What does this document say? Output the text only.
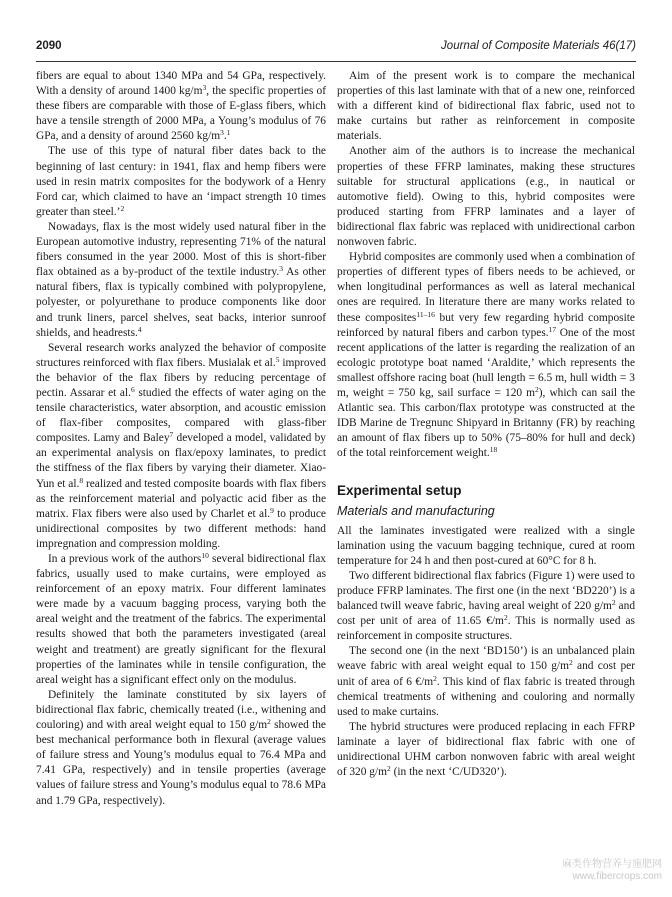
2090	Journal of Composite Materials 46(17)

fibers are equal to about 1340 MPa and 54 GPa, respectively. With a density of around 1400 $kg/m^3$, the specific properties of these fibers are comparable with those of E-glass fibers, which have a tensile strength of 2000 MPa, a Young’s modulus of 76 GPa, and a density of around 2560 $kg/m^3.^1$

The use of this type of natural fiber dates back to the beginning of last century: in 1941, flax and hemp fibers were used in resin matrix composites for the bodywork of a Henry Ford car, which claimed to have an ‘impact strength 10 times greater than steel.’$^2$

Nowadays, flax is the most widely used natural fiber in the European automotive industry, representing 71% of the natural fibers consumed in the year 2000. Most of this is short-fiber flax obtained as a by-product of the textile industry.$^3$ As other natural fibers, flax is typically combined with polypropylene, polyester, or polyurethane to produce components like door and trunk liners, parcel shelves, seat backs, interior sunroof shields, and headrests.$^4$

Several research works analyzed the behavior of composite structures reinforced with flax fibers. Musialak et al.$^5$ improved the behavior of the flax fibers by reducing percentage of pectin. Assarar et al.$^6$ studied the effects of water aging on the tensile characteristics, water absorption, and acoustic emission of flax-fiber composites, compared with glass-fiber composites. Lamy and Baley$^7$ developed a model, validated by an experimental analysis on flax/epoxy laminates, to predict the stiffness of the flax fibers by varying their diameter. Xiao-Yun et al.$^8$ realized and tested composite boards with flax fibers as the reinforcement material and polyactic acid fiber as the matrix. Flax fibers were also used by Charlet et al.$^9$ to produce unidirectional composites by two different methods: hand impregnation and compression molding.

In a previous work of the authors$^{10}$ several bidirectional flax fabrics, usually used to make curtains, were employed as reinforcement of an epoxy matrix. Four different laminates were made by a vacuum bagging process, varying both the areal weight and the treatment of the fabrics. The experimental results showed that both the parameters investigated (areal weight and treatment) are greatly significant for the flexural properties of the laminates while in tensile configuration, the areal weight has a significant effect only on the modulus.

Definitely the laminate constituted by six layers of bidirectional flax fabric, chemically treated (i.e., withening and couloring) and with areal weight equal to 150 $g/m^2$ showed the best mechanical performance both in flexural (average values of failure stress and Young’s modulus equal to 76.4 MPa and 7.41 GPa, respectively) and in tensile properties (average values of failure stress and Young’s modulus equal to 78.6 MPa and 1.79 GPa, respectively).

Aim of the present work is to compare the mechanical properties of this last laminate with that of a new one, reinforced with a different kind of bidirectional flax fabric, used not to make curtains but rather as reinforcement in composite materials.

Another aim of the authors is to increase the mechanical properties of these FFRP laminates, making these structures suitable for structural applications (e.g., in nautical or automotive field). Owing to this, hybrid composites were produced starting from FFRP laminates and a layer of bidirectional flax fabric was replaced with unidirectional carbon nonwoven fabric.

Hybrid composites are commonly used when a combination of properties of different types of fibers needs to be achieved, or when longitudinal performances as well as lateral mechanical ones are required. In literature there are many works related to these composites$^{11-16}$ but very few regarding hybrid composite reinforced by natural fibers and carbon types.$^{17}$ One of the most recent applications of the latter is regarding the realization of an ecologic prototype boat named ‘Araldite,’ which represents the smallest offshore racing boat (hull length = 6.5 m, hull width = 3 m, weight = 750 kg, sail surface = 120 $m^2$), which can sail the Atlantic sea. This carbon/flax prototype was constructed at the IDB Marine de Tregnunc Shipyard in Britanny (FR) by reaching an amount of flax fibers up to 50% (75–80% for hull and deck) of the total reinforcement weight.$^{18}$

Experimental setup
Materials and manufacturing

All the laminates investigated were realized with a single lamination using the vacuum bagging technique, cured at room temperature for 24 h and then post-cured at 60°C for 8 h.

Two different bidirectional flax fabrics (Figure 1) were used to produce FFRP laminates. The first one (in the next ‘BD220’) is a balanced twill weave fabric, having areal weight of 220 $g/m^2$ and cost per unit of area of 11.65 $€/m^2$. This is normally used as reinforcement in composite structures.

The second one (in the next ‘BD150’) is an unbalanced plain weave fabric with areal weight equal to 150 $g/m^2$ and cost per unit of area of 6 $€/m^2$. This kind of flax fabric is treated through chemical treatments of withening and couloring and normally used to make curtains.

The hybrid structures were produced replacing in each FFRP laminate a layer of bidirectional flax fabric with one of unidirectional UHM carbon nonwoven fabric with areal weight of 320 $g/m^2$ (in the next ‘C/UD320’).

麻类作物营养与施肥网
www.fibercrops.com
